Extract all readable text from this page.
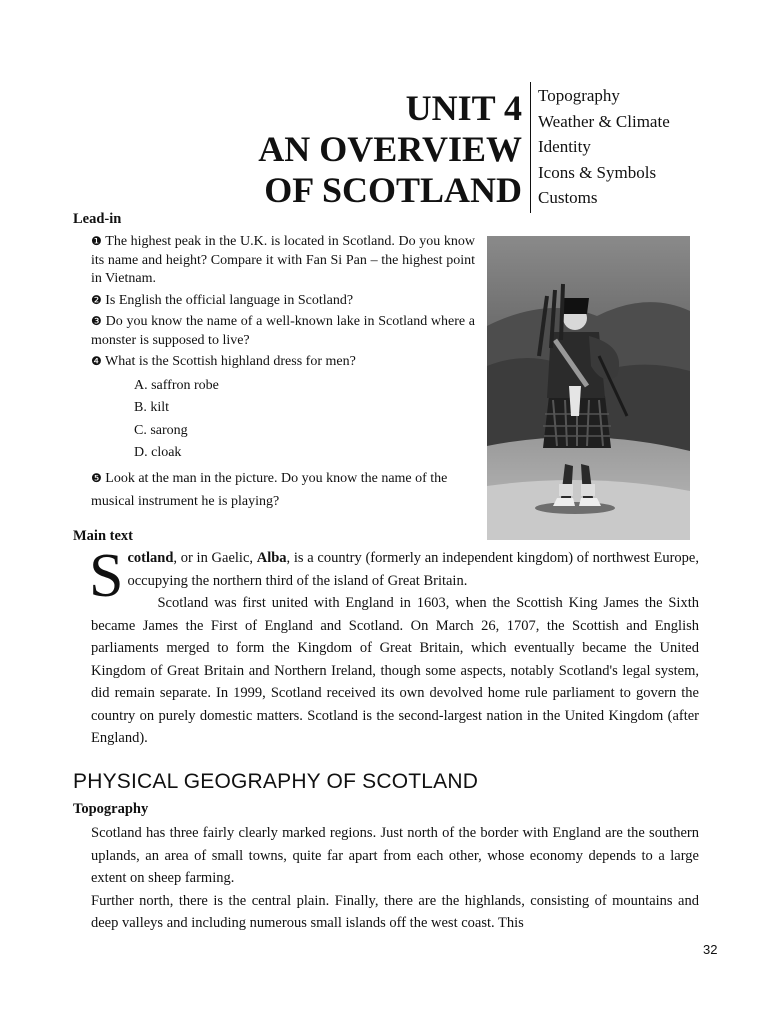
UNIT 4
AN OVERVIEW
OF SCOTLAND
Topography
Weather & Climate
Identity
Icons & Symbols
Customs
Lead-in

❶ The highest peak in the U.K. is located in Scotland. Do you know its name and height? Compare it with Fan Si Pan – the highest point in Vietnam.

❷ Is English the official language in Scotland?

❸ Do you know the name of a well-known lake in Scotland where a monster is supposed to live?

❹ What is the Scottish highland dress for men?

A. saffron robe
B. kilt
C. sarong
D. cloak

❺ Look at the man in the picture. Do you know the name of the musical instrument he is playing?

Main text
S cotland, or in Gaelic, Alba, is a country (formerly an independent kingdom) of northwest Europe, occupying the northern third of the island of Great Britain.

Scotland was first united with England in 1603, when the Scottish King James the Sixth became James the First of England and Scotland. On March 26, 1707, the Scottish and English parliaments merged to form the Kingdom of Great Britain, which eventually became the United Kingdom of Great Britain and Northern Ireland, though some aspects, notably Scotland's legal system, did remain separate. In 1999, Scotland received its own devolved home rule parliament to govern the country on purely domestic matters. Scotland is the second-largest nation in the United Kingdom (after England).

PHYSICAL GEOGRAPHY OF SCOTLAND
Topography

Scotland has three fairly clearly marked regions. Just north of the border with England are the southern uplands, an area of small towns, quite far apart from each other, whose economy depends to a large extent on sheep farming.

Further north, there is the central plain. Finally, there are the highlands, consisting of mountains and deep valleys and including numerous small islands off the west coast. This

32
